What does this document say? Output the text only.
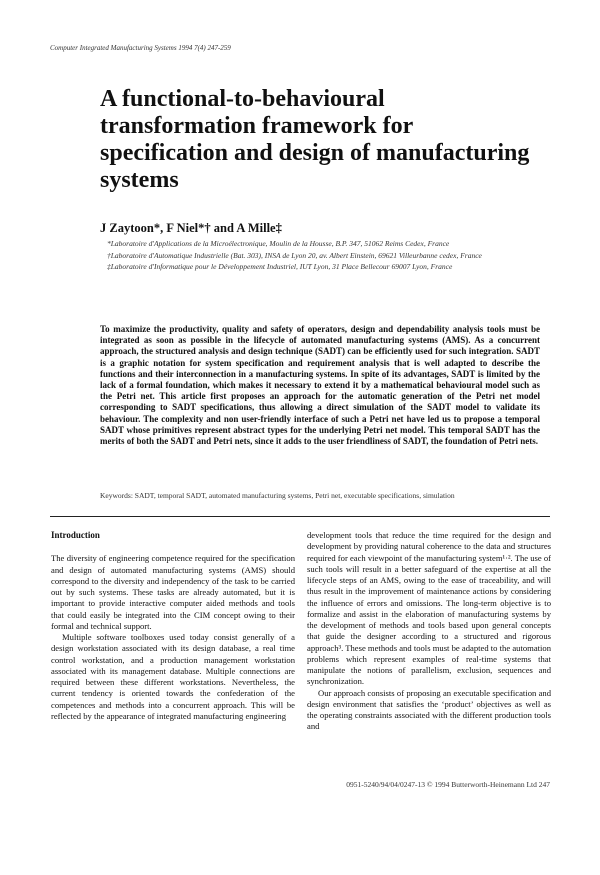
Computer Integrated Manufacturing Systems 1994 7(4) 247-259
A functional-to-behavioural transformation framework for specification and design of manufacturing systems
J Zaytoon*, F Niel*† and A Mille‡
*Laboratoire d'Applications de la Microélectronique, Moulin de la Housse, B.P. 347, 51062 Reims Cedex, France
†Laboratoire d'Automatique Industrielle (Bat. 303), INSA de Lyon 20, av. Albert Einstein, 69621 Villeurbanne cedex, France
‡Laboratoire d'Informatique pour le Développement Industriel, IUT Lyon, 31 Place Bellecour 69007 Lyon, France

To maximize the productivity, quality and safety of operators, design and dependability analysis tools must be integrated as soon as possible in the lifecycle of automated manufacturing systems (AMS). As a concurrent approach, the structured analysis and design technique (SADT) can be efficiently used for such integration. SADT is a graphic notation for system specification and requirement analysis that is well adapted to describe the functions and their interconnection in a manufacturing systems. In spite of its advantages, SADT is limited by the lack of a formal foundation, which makes it necessary to extend it by a mathematical behavioural model such as the Petri net. This article first proposes an approach for the automatic generation of the Petri net model corresponding to SADT specifications, thus allowing a direct simulation of the SADT model to validate its behaviour. The complexity and non user-friendly interface of such a Petri net have led us to propose a temporal SADT whose primitives represent abstract types for the underlying Petri net model. This temporal SADT has the merits of both the SADT and Petri nets, since it adds to the user friendliness of SADT, the foundation of Petri nets.

Keywords: SADT, temporal SADT, automated manufacturing systems, Petri net, executable specifications, simulation
Introduction

The diversity of engineering competence required for the specification and design of automated manufacturing systems (AMS) should correspond to the diversity and independency of the task to be carried out by such systems. These tasks are already automated, but it is important to provide interactive computer aided methods and tools that could easily be integrated into the CIM concept owing to their formal and technical support.

Multiple software toolboxes used today consist generally of a design workstation associated with its design database, a real time control workstation, and a production management workstation associated with its management database. Multiple connections are required between these different workstations. Nevertheless, the current tendency is oriented towards the confederation of the competences and methods into a concurrent approach. This will be reflected by the appearance of integrated manufacturing engineering

development tools that reduce the time required for the design and development by providing natural coherence to the data and structures required for each viewpoint of the manufacturing system¹·². The use of such tools will result in a better safeguard of the expertise at all the lifecycle steps of an AMS, owing to the ease of traceability, and will thus result in the improvement of maintenance actions by considering the influence of errors and omissions. The long-term objective is to formalize and assist in the elaboration of manufacturing systems by the development of methods and tools based upon general concepts that guide the designer according to a structured and rigorous approach³. These methods and tools must be adapted to the automation problems which represent examples of real-time systems that manipulate the notions of parallelism, exclusion, sequences and synchronization.

Our approach consists of proposing an executable specification and design environment that satisfies the ‘product’ objectives as well as the operating constraints associated with the different production tools and

0951-5240/94/04/0247-13 © 1994 Butterworth-Heinemann Ltd 247
